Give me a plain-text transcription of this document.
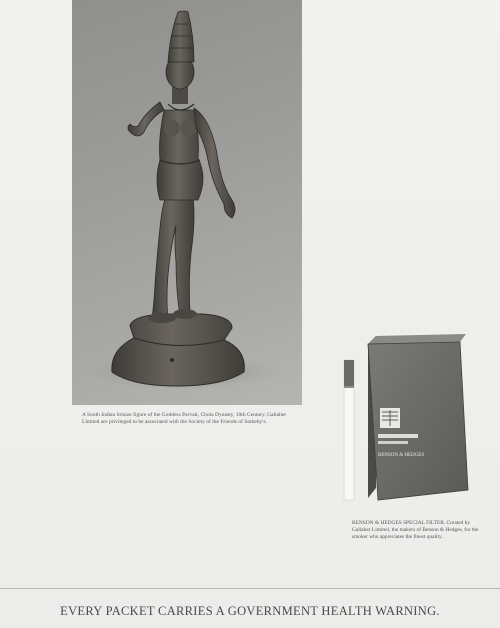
A South Indian bronze figure of the Goddess Parvati, Chola Dynasty, 10th Century. Gallaher Limited are privileged to be associated with the Society of the Friends of Sotheby's.
BENSON & HEDGES
BENSON & HEDGES SPECIAL FILTER. Created by Gallaher Limited, the makers of Benson & Hedges, for the smoker who appreciates the finest quality.
EVERY PACKET CARRIES A GOVERNMENT HEALTH WARNING.
